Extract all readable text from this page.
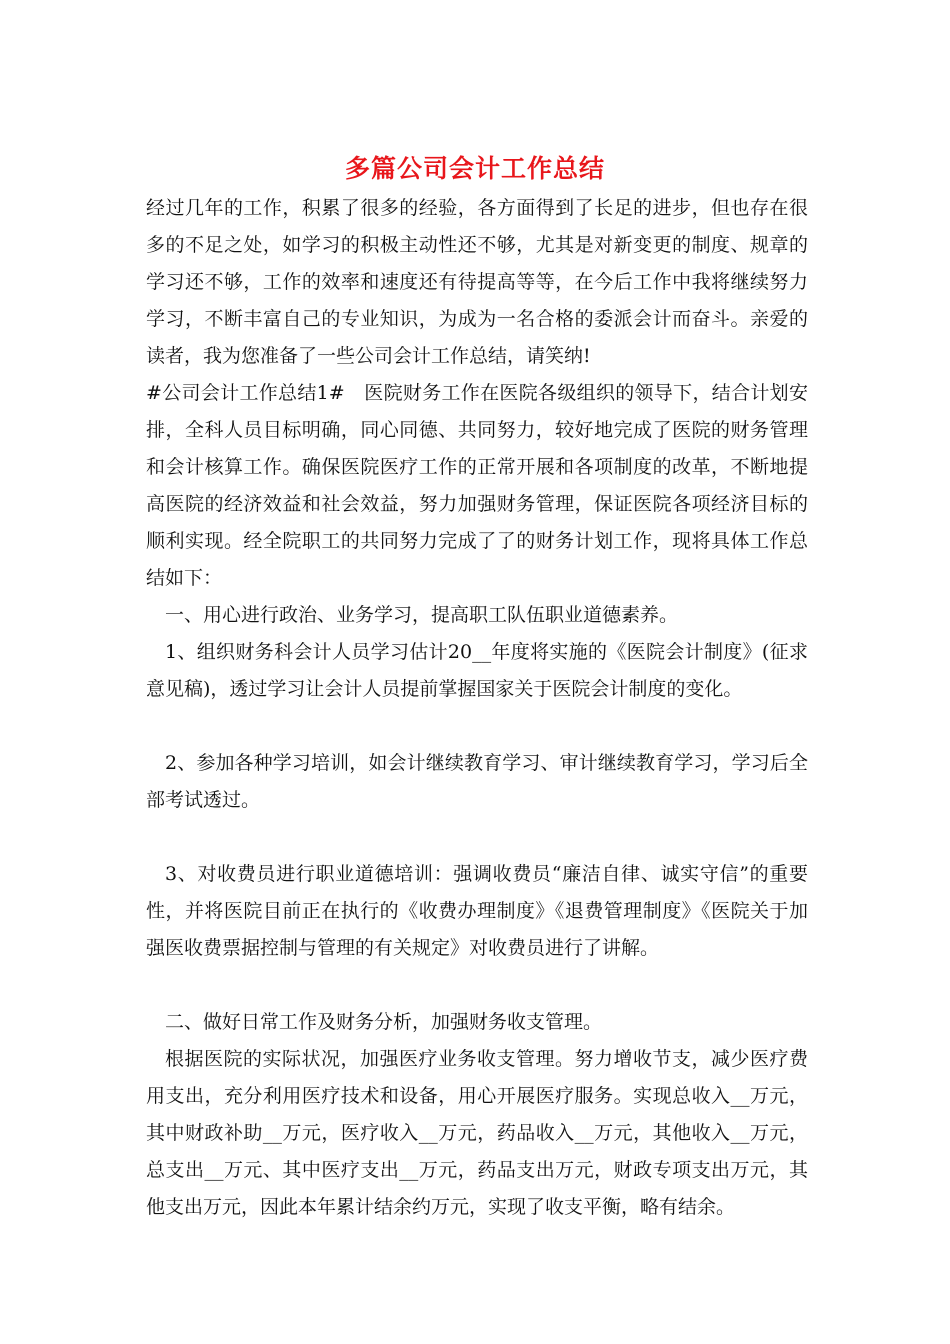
多篇公司会计工作总结

经过几年的工作，积累了很多的经验，各方面得到了长足的进步，但也存在很多的不足之处，如学习的积极主动性还不够，尤其是对新变更的制度、规章的学习还不够，工作的效率和速度还有待提高等等，在今后工作中我将继续努力学习，不断丰富自己的专业知识，为成为一名合格的委派会计而奋斗。亲爱的读者，我为您准备了一些公司会计工作总结，请笑纳!

#公司会计工作总结1#　医院财务工作在医院各级组织的领导下，结合计划安排，全科人员目标明确，同心同德、共同努力，较好地完成了医院的财务管理和会计核算工作。确保医院医疗工作的正常开展和各项制度的改革，不断地提高医院的经济效益和社会效益，努力加强财务管理，保证医院各项经济目标的顺利实现。经全院职工的共同努力完成了了的财务计划工作，现将具体工作总结如下：

一、用心进行政治、业务学习，提高职工队伍职业道德素养。

1、组织财务科会计人员学习估计20__年度将实施的《医院会计制度》(征求意见稿)，透过学习让会计人员提前掌握国家关于医院会计制度的变化。

2、参加各种学习培训，如会计继续教育学习、审计继续教育学习，学习后全部考试透过。

3、对收费员进行职业道德培训：强调收费员“廉洁自律、诚实守信”的重要性，并将医院目前正在执行的《收费办理制度》《退费管理制度》《医院关于加强医收费票据控制与管理的有关规定》对收费员进行了讲解。

二、做好日常工作及财务分析，加强财务收支管理。

根据医院的实际状况，加强医疗业务收支管理。努力增收节支，减少医疗费用支出，充分利用医疗技术和设备，用心开展医疗服务。实现总收入__万元，其中财政补助__万元，医疗收入__万元，药品收入__万元，其他收入__万元，总支出__万元、其中医疗支出__万元，药品支出万元，财政专项支出万元，其他支出万元，因此本年累计结余约万元，实现了收支平衡，略有结余。
